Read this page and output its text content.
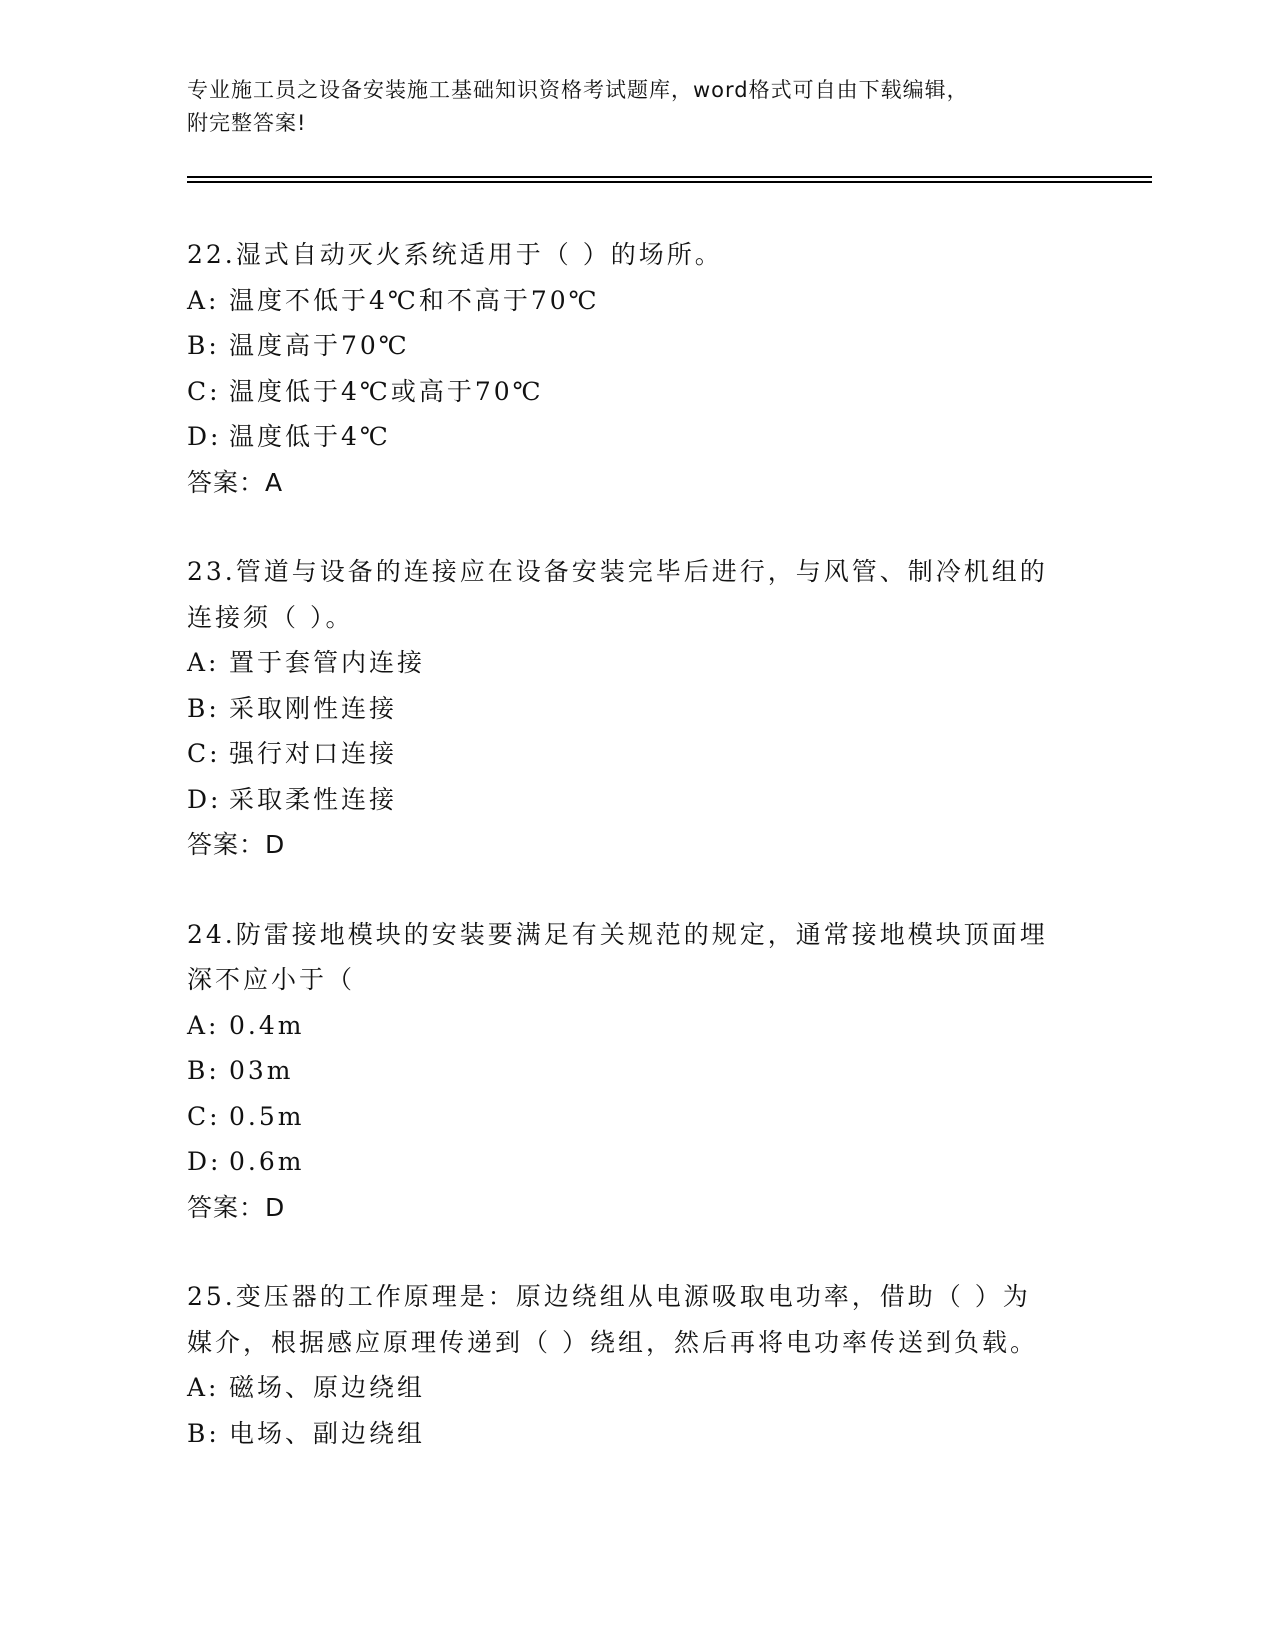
专业施工员之设备安装施工基础知识资格考试题库，word格式可自由下载编辑，
附完整答案!
22.湿式自动灭火系统适用于（ ）的场所。
A: 温度不低于4℃和不高于70℃
B: 温度高于70℃
C: 温度低于4℃或高于70℃
D: 温度低于4℃
答案：A
23.管道与设备的连接应在设备安装完毕后进行，与风管、制冷机组的
连接须（ ）。
A: 置于套管内连接
B: 采取刚性连接
C: 强行对口连接
D: 采取柔性连接
答案：D
24.防雷接地模块的安装要满足有关规范的规定，通常接地模块顶面埋
深不应小于（
A: 0.4m
B: 03m
C: 0.5m
D: 0.6m
答案：D
25.变压器的工作原理是：原边绕组从电源吸取电功率，借助（ ）为
媒介，根据感应原理传递到（ ）绕组，然后再将电功率传送到负载。
A: 磁场、原边绕组
B: 电场、副边绕组
